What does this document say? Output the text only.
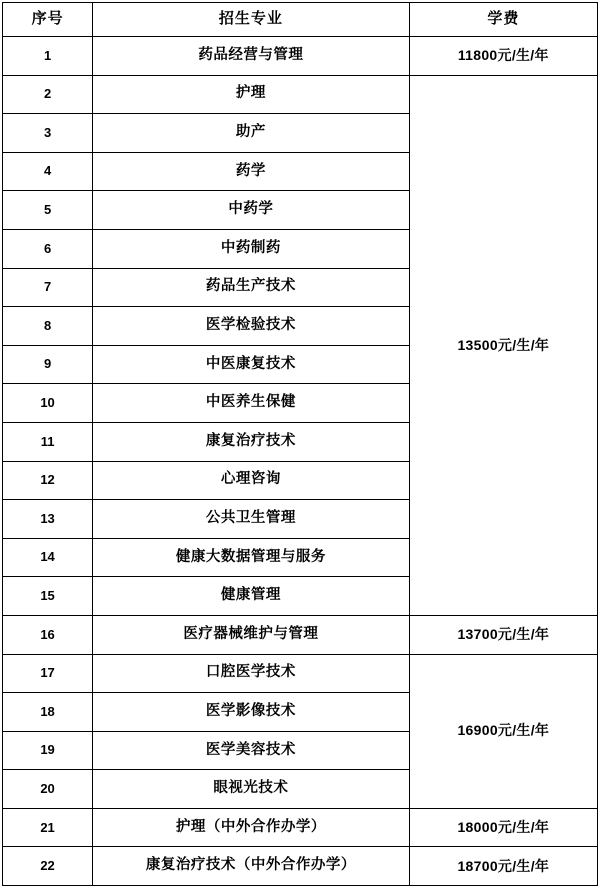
序号	招生专业	学费
1	药品经营与管理	11800元/生/年
2	护理	13500元/生/年
3	助产	
4	药学	
5	中药学	
6	中药制药	
7	药品生产技术	
8	医学检验技术	
9	中医康复技术	
10	中医养生保健	
11	康复治疗技术	
12	心理咨询	
13	公共卫生管理	
14	健康大数据管理与服务	
15	健康管理	
16	医疗器械维护与管理	13700元/生/年
17	口腔医学技术	16900元/生/年
18	医学影像技术	
19	医学美容技术	
20	眼视光技术	
21	护理（中外合作办学）	18000元/生/年
22	康复治疗技术（中外合作办学）	18700元/生/年
